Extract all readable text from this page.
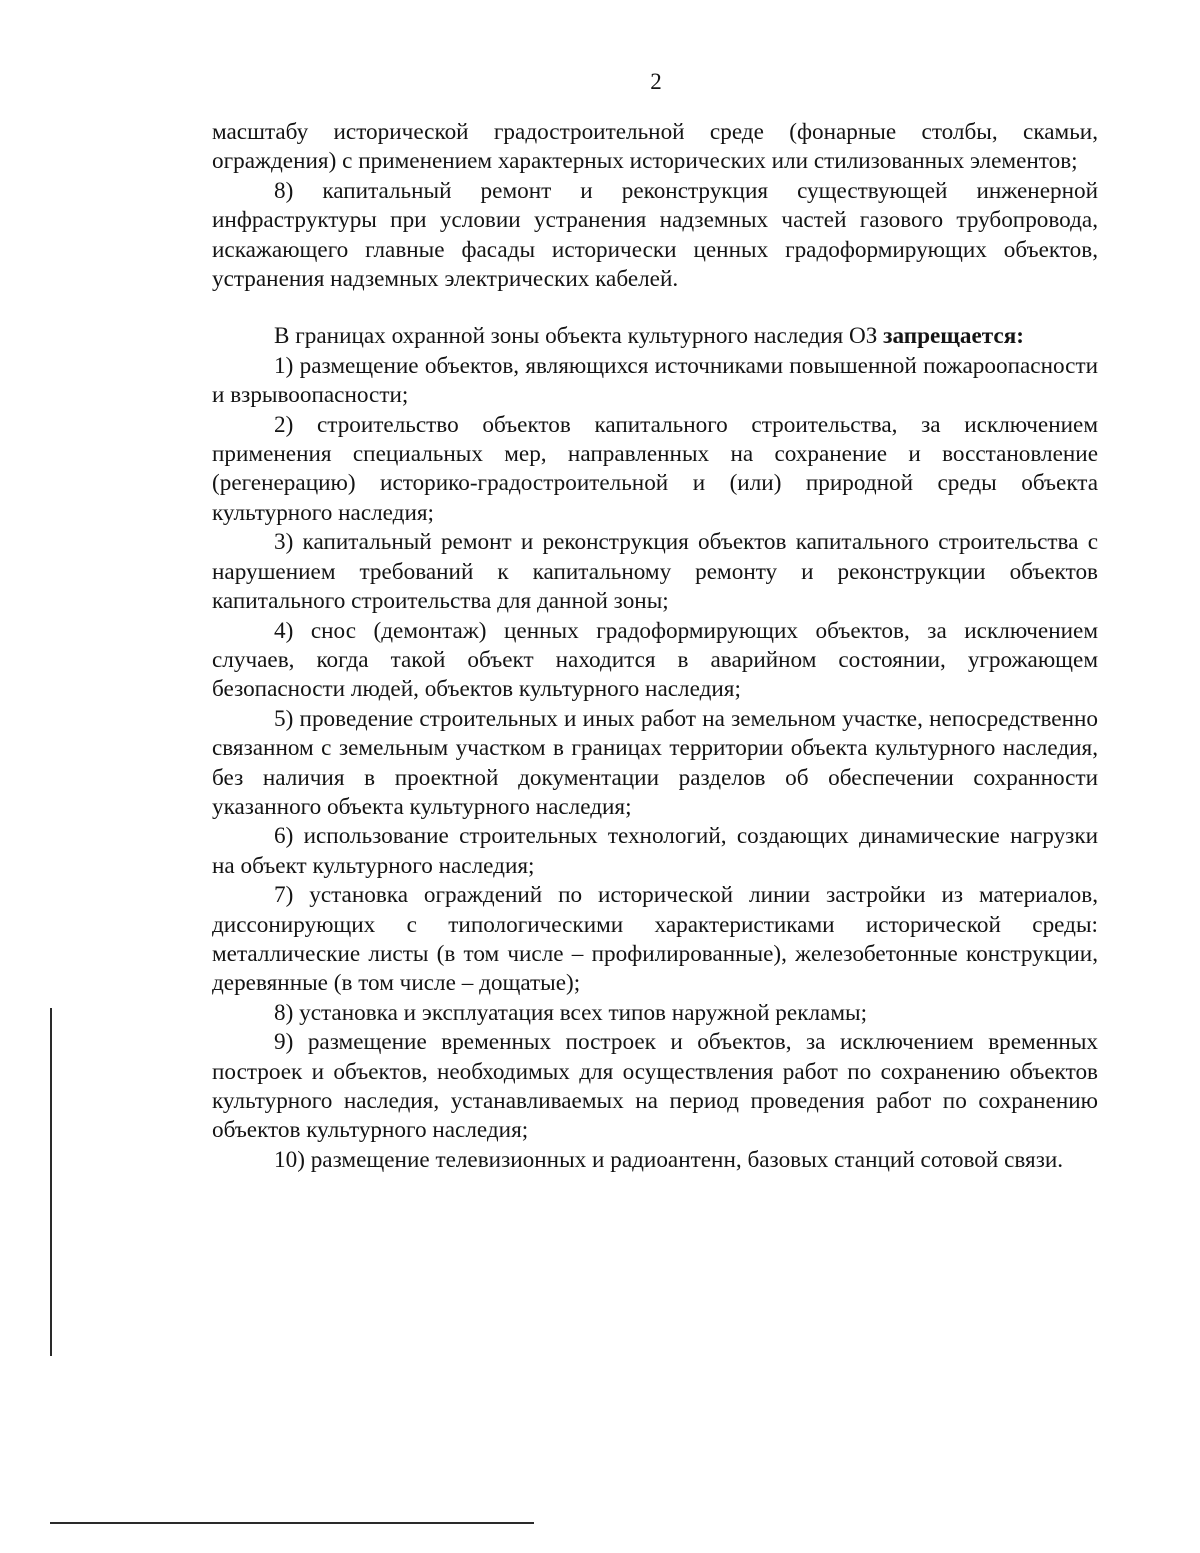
2

масштабу исторической градостроительной среде (фонарные столбы, скамьи, ограждения) с применением характерных исторических или стилизованных элементов;

8) капитальный ремонт и реконструкция существующей инженерной инфраструктуры при условии устранения надземных частей газового трубопровода, искажающего главные фасады исторически ценных градоформирующих объектов, устранения надземных электрических кабелей.

В границах охранной зоны объекта культурного наследия ОЗ запрещается:

1) размещение объектов, являющихся источниками повышенной пожароопасности и взрывоопасности;

2) строительство объектов капитального строительства, за исключением применения специальных мер, направленных на сохранение и восстановление (регенерацию) историко-градостроительной и (или) природной среды объекта культурного наследия;

3) капитальный ремонт и реконструкция объектов капитального строительства с нарушением требований к капитальному ремонту и реконструкции объектов капитального строительства для данной зоны;

4) снос (демонтаж) ценных градоформирующих объектов, за исключением случаев, когда такой объект находится в аварийном состоянии, угрожающем безопасности людей, объектов культурного наследия;

5) проведение строительных и иных работ на земельном участке, непосредственно связанном с земельным участком в границах территории объекта культурного наследия, без наличия в проектной документации разделов об обеспечении сохранности указанного объекта культурного наследия;

6) использование строительных технологий, создающих динамические нагрузки на объект культурного наследия;

7) установка ограждений по исторической линии застройки из материалов, диссонирующих с типологическими характеристиками исторической среды: металлические листы (в том числе – профилированные), железобетонные конструкции, деревянные (в том числе – дощатые);

8) установка и эксплуатация всех типов наружной рекламы;

9) размещение временных построек и объектов, за исключением временных построек и объектов, необходимых для осуществления работ по сохранению объектов культурного наследия, устанавливаемых на период проведения работ по сохранению объектов культурного наследия;

10) размещение телевизионных и радиоантенн, базовых станций сотовой связи.
